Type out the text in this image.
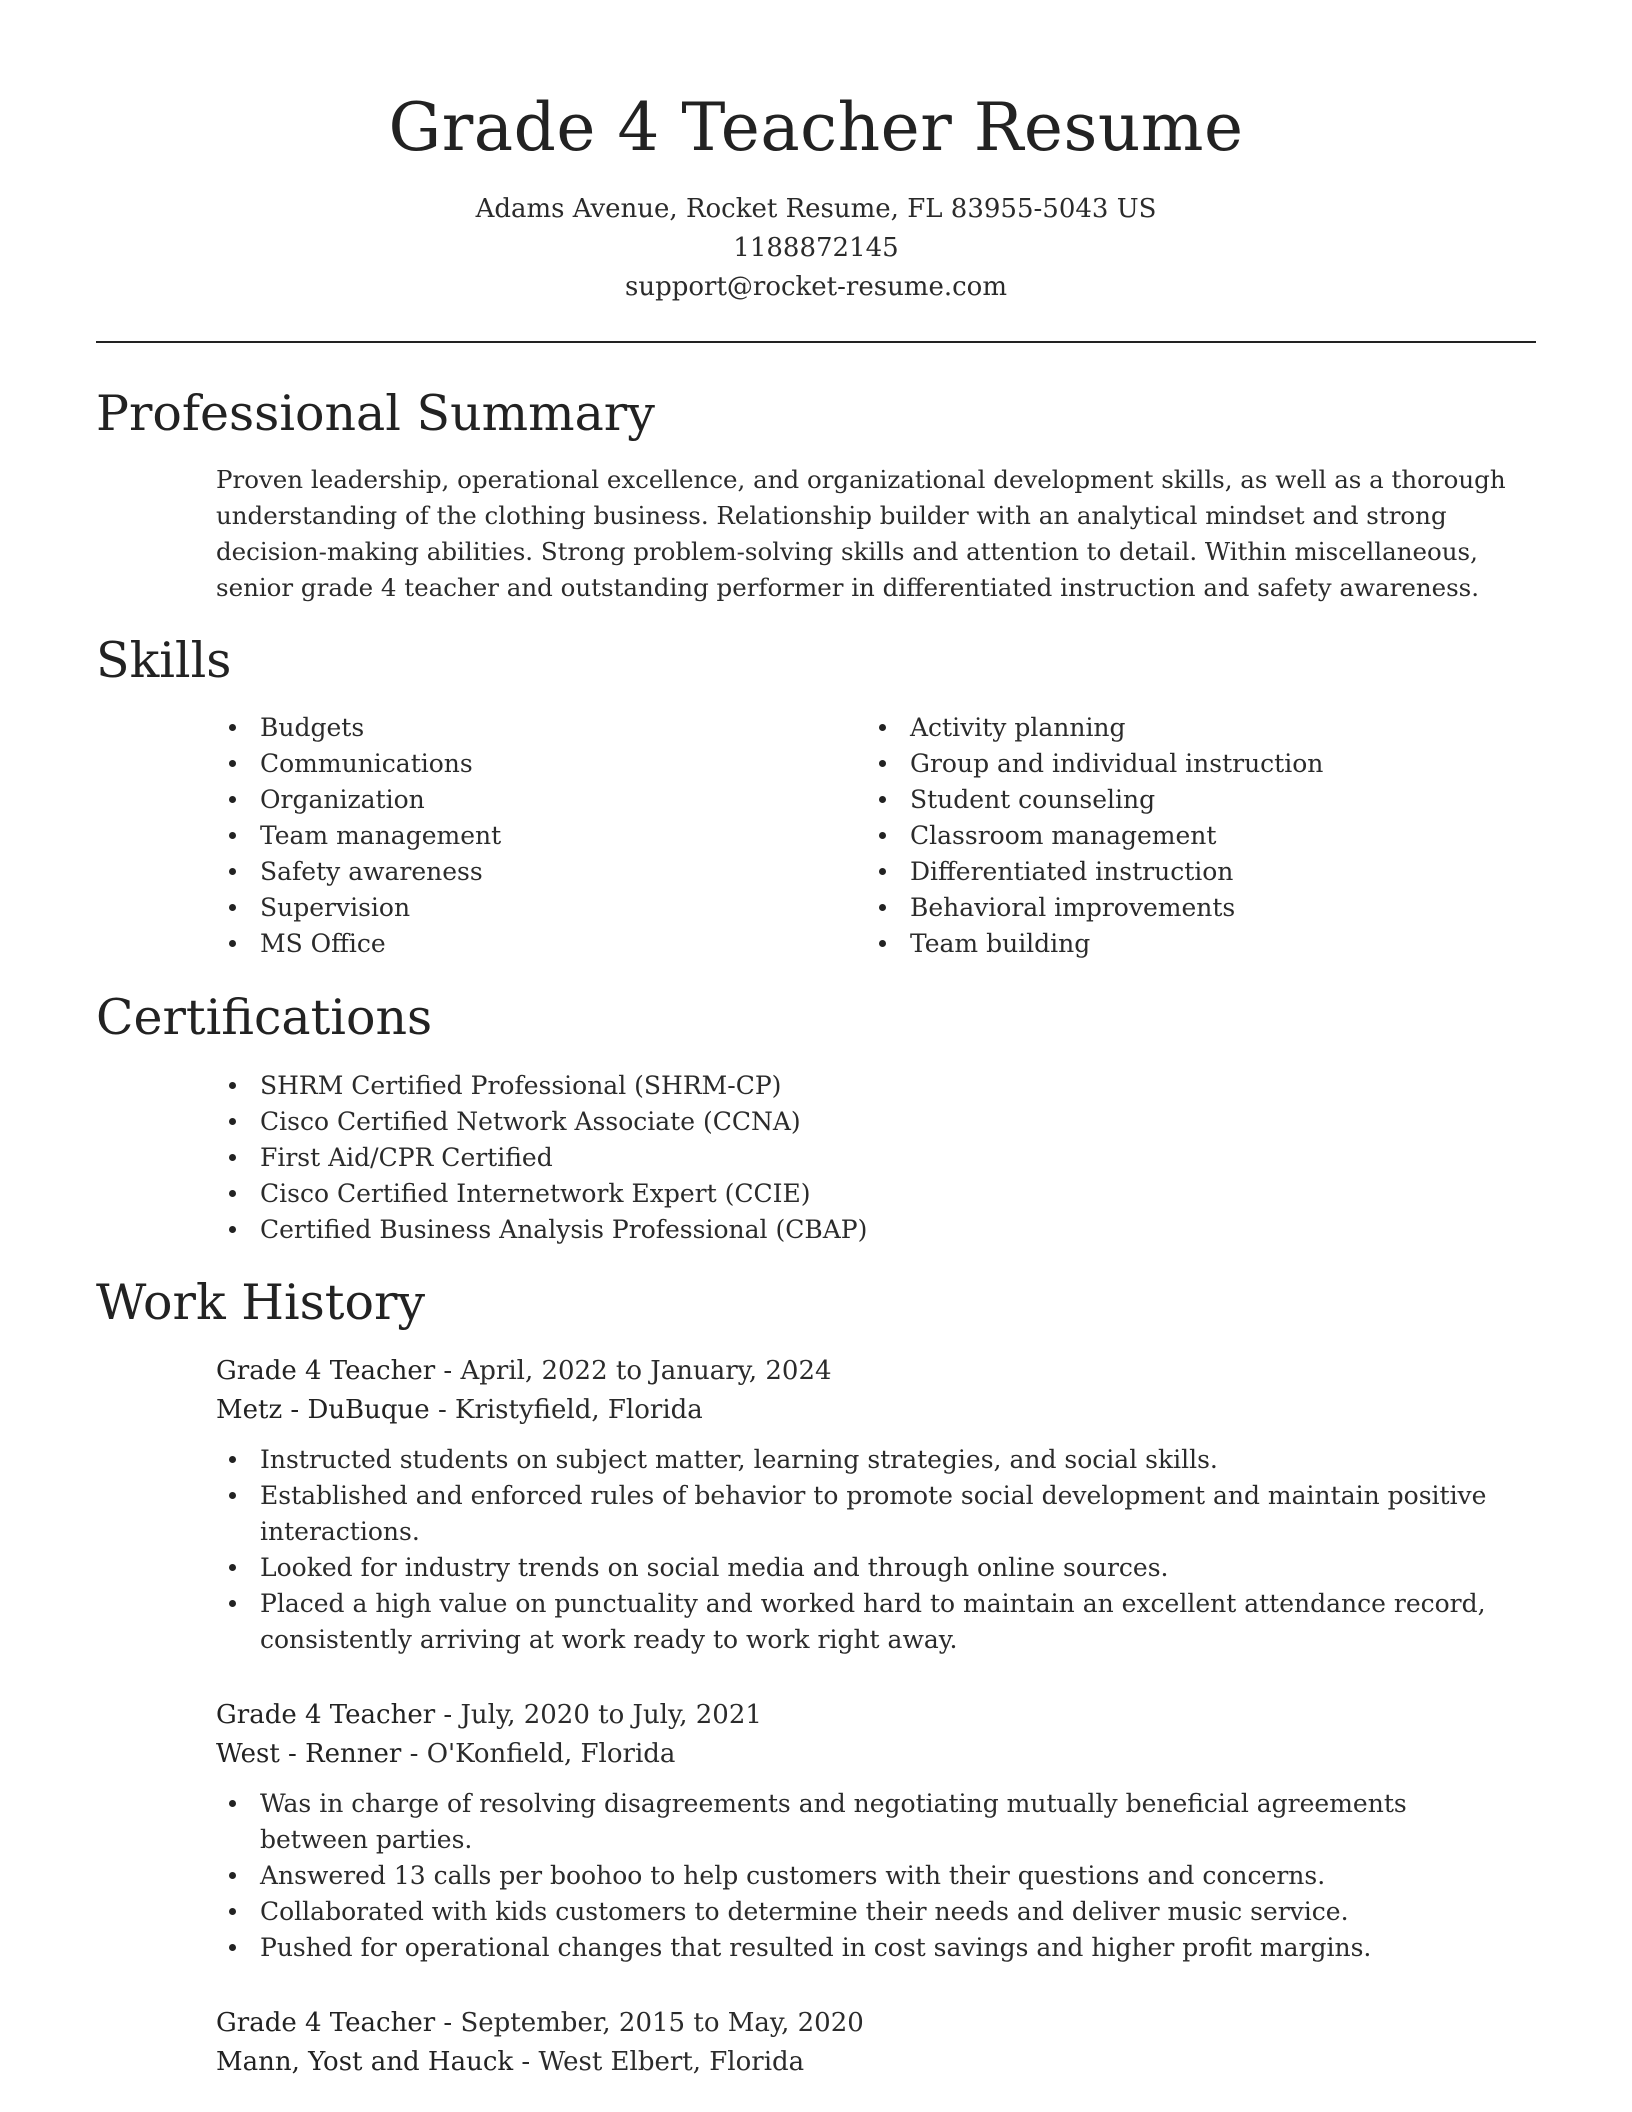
Grade 4 Teacher Resume
Adams Avenue, Rocket Resume, FL 83955-5043 US
1188872145
support@rocket-resume.com
Professional Summary
Proven leadership, operational excellence, and organizational development skills, as well as a thorough understanding of the clothing business. Relationship builder with an analytical mindset and strong decision-making abilities. Strong problem-solving skills and attention to detail. Within miscellaneous, senior grade 4 teacher and outstanding performer in differentiated instruction and safety awareness.
Skills
Budgets
Communications
Organization
Team management
Safety awareness
Supervision
MS Office
Activity planning
Group and individual instruction
Student counseling
Classroom management
Differentiated instruction
Behavioral improvements
Team building
Certifications
SHRM Certified Professional (SHRM-CP)
Cisco Certified Network Associate (CCNA)
First Aid/CPR Certified
Cisco Certified Internetwork Expert (CCIE)
Certified Business Analysis Professional (CBAP)
Work History
Grade 4 Teacher - April, 2022 to January, 2024
Metz - DuBuque - Kristyfield, Florida
Instructed students on subject matter, learning strategies, and social skills.
Established and enforced rules of behavior to promote social development and maintain positive interactions.
Looked for industry trends on social media and through online sources.
Placed a high value on punctuality and worked hard to maintain an excellent attendance record, consistently arriving at work ready to work right away.
Grade 4 Teacher - July, 2020 to July, 2021
West - Renner - O'Konfield, Florida
Was in charge of resolving disagreements and negotiating mutually beneficial agreements between parties.
Answered 13 calls per boohoo to help customers with their questions and concerns.
Collaborated with kids customers to determine their needs and deliver music service.
Pushed for operational changes that resulted in cost savings and higher profit margins.
Grade 4 Teacher - September, 2015 to May, 2020
Mann, Yost and Hauck - West Elbert, Florida
